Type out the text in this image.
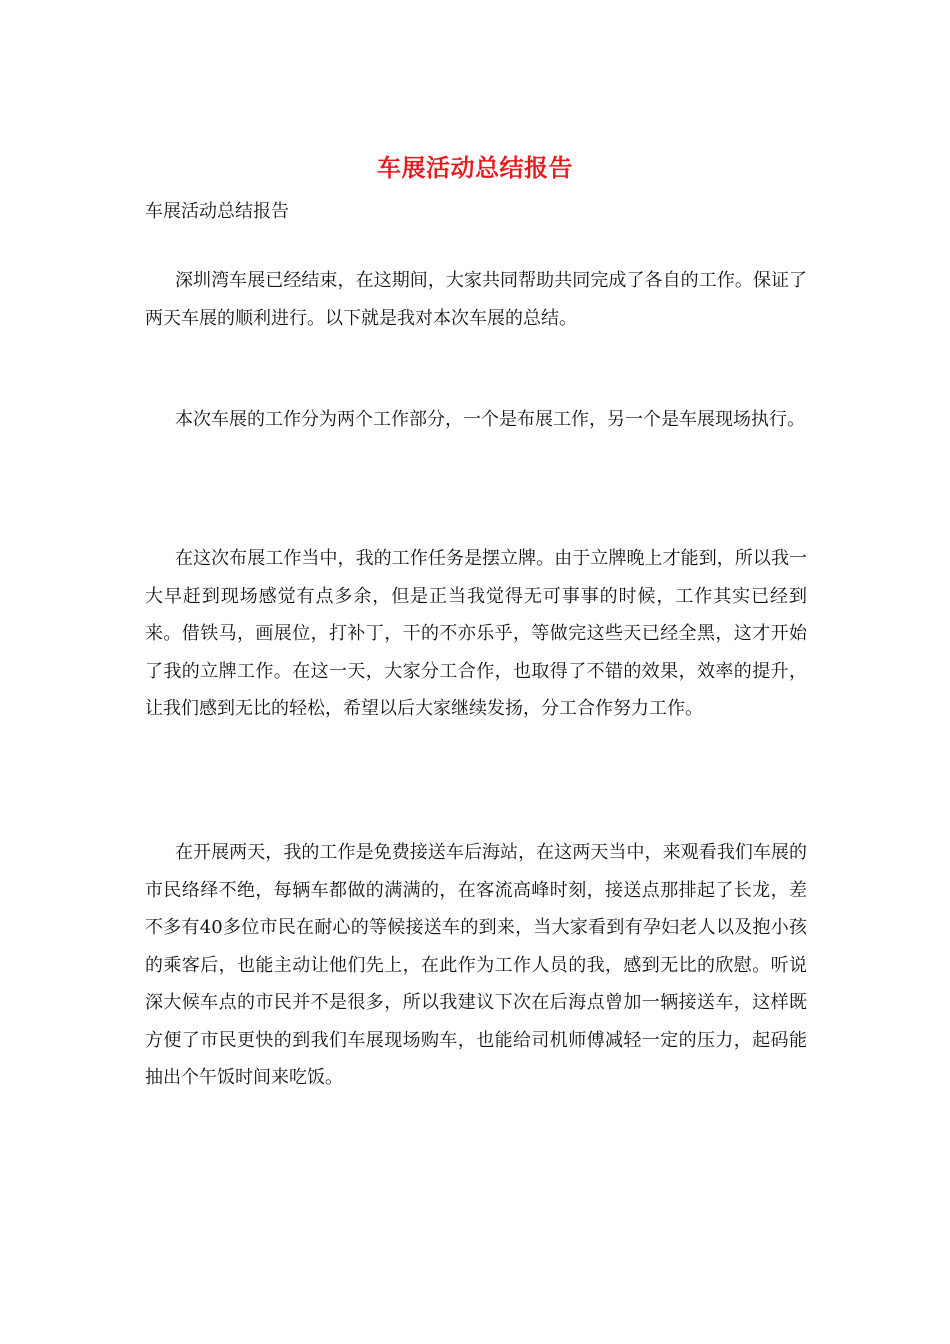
车展活动总结报告

车展活动总结报告

深圳湾车展已经结束，在这期间，大家共同帮助共同完成了各自的工作。保证了两天车展的顺利进行。以下就是我对本次车展的总结。

本次车展的工作分为两个工作部分，一个是布展工作，另一个是车展现场执行。

在这次布展工作当中，我的工作任务是摆立牌。由于立牌晚上才能到，所以我一大早赶到现场感觉有点多余，但是正当我觉得无可事事的时候，工作其实已经到来。借铁马，画展位，打补丁，干的不亦乐乎，等做完这些天已经全黑，这才开始了我的立牌工作。在这一天，大家分工合作，也取得了不错的效果，效率的提升，让我们感到无比的轻松，希望以后大家继续发扬，分工合作努力工作。

在开展两天，我的工作是免费接送车后海站，在这两天当中，来观看我们车展的市民络绎不绝，每辆车都做的满满的，在客流高峰时刻，接送点那排起了长龙，差不多有40多位市民在耐心的等候接送车的到来，当大家看到有孕妇老人以及抱小孩的乘客后，也能主动让他们先上，在此作为工作人员的我，感到无比的欣慰。听说深大候车点的市民并不是很多，所以我建议下次在后海点曾加一辆接送车，这样既方便了市民更快的到我们车展现场购车，也能给司机师傅减轻一定的压力，起码能抽出个午饭时间来吃饭。
